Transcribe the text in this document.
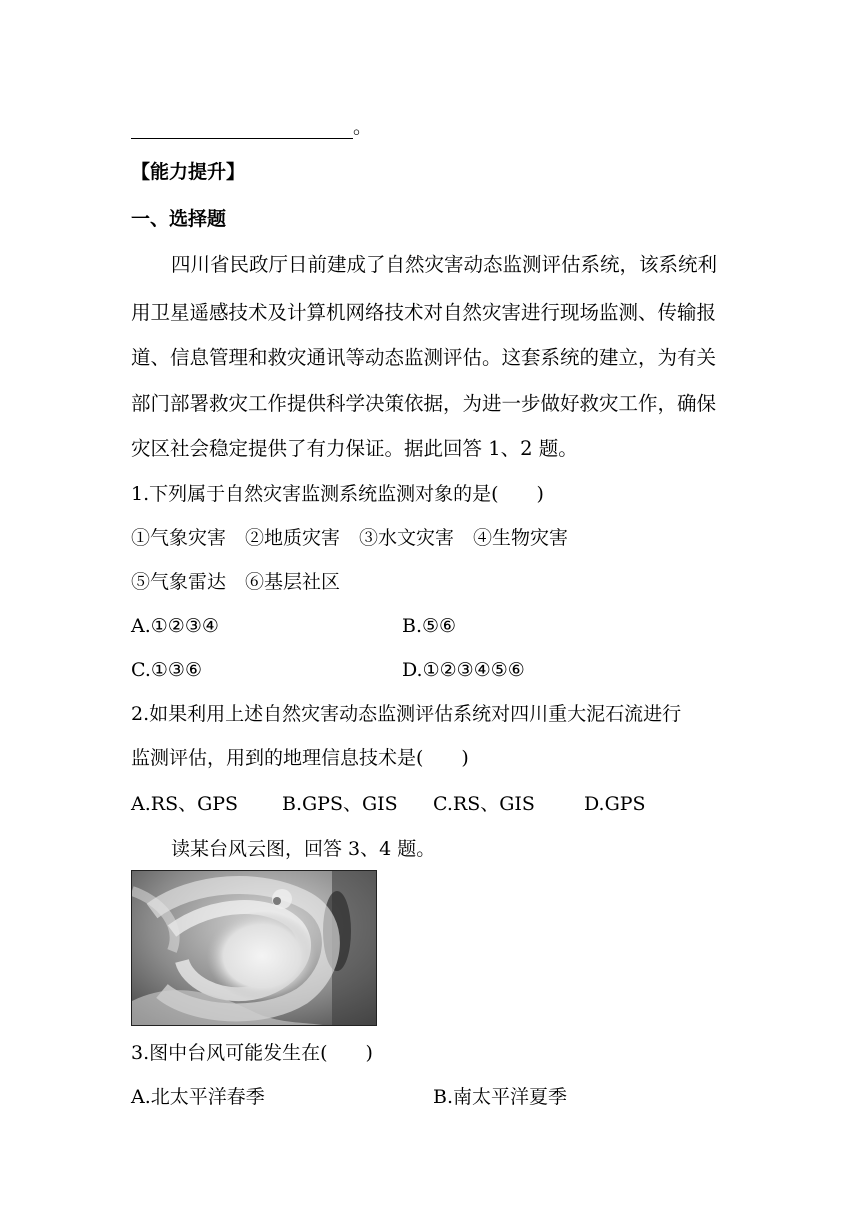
。
【能力提升】
一、选择题
四川省民政厅日前建成了自然灾害动态监测评估系统，该系统利
用卫星遥感技术及计算机网络技术对自然灾害进行现场监测、传输报
道、信息管理和救灾通讯等动态监测评估。这套系统的建立，为有关
部门部署救灾工作提供科学决策依据，为进一步做好救灾工作，确保
灾区社会稳定提供了有力保证。据此回答 1、2 题。
1.下列属于自然灾害监测系统监测对象的是(　　)
①气象灾害　②地质灾害　③水文灾害　④生物灾害
⑤气象雷达　⑥基层社区
A.①②③④	B.⑤⑥
C.①③⑥	D.①②③④⑤⑥
2.如果利用上述自然灾害动态监测评估系统对四川重大泥石流进行
监测评估，用到的地理信息技术是(　　)
A.RS、GPS B.GPS、GIS C.RS、GIS	D.GPS
读某台风云图，回答 3、4 题。
3.图中台风可能发生在(　　)
A.北太平洋春季	B.南太平洋夏季
